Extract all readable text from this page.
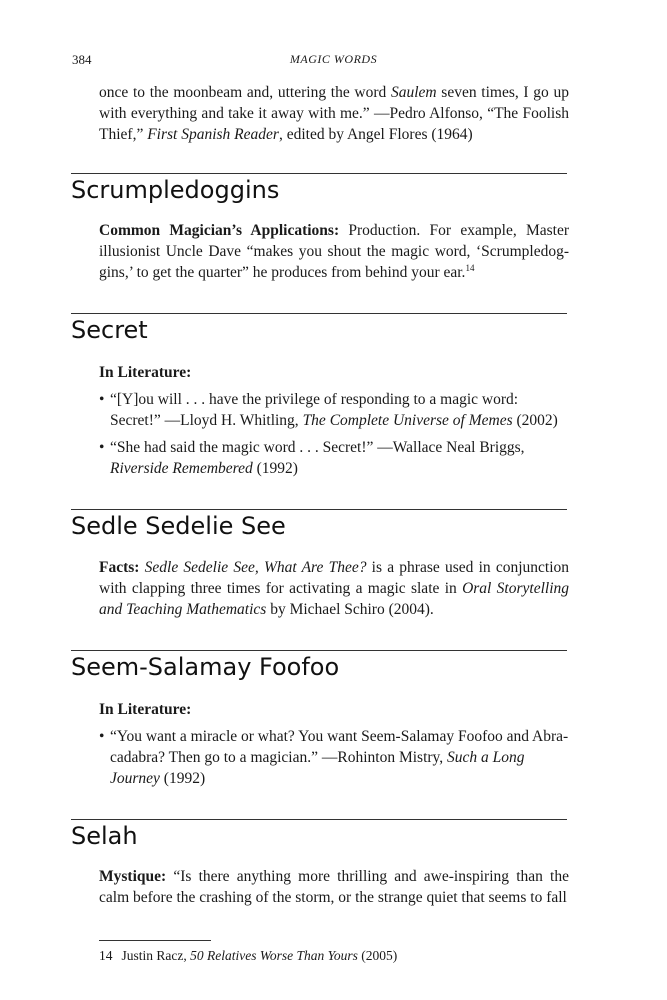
384	MAGIC WORDS
once to the moonbeam and, uttering the word Saulem seven times, I go up with everything and take it away with me.” —Pedro Alfonso, “The Foolish Thief,” First Spanish Reader, edited by Angel Flores (1964)
Scrumpledoggins
Common Magician’s Applications: Production. For example, Master illusionist Uncle Dave “makes you shout the magic word, ‘Scrumpledog-gins,’ to get the quarter” he produces from behind your ear.$^{14}$
Secret
In Literature:
• “[Y]ou will . . . have the privilege of responding to a magic word: Secret!” —Lloyd H. Whitling, The Complete Universe of Memes (2002)
• “She had said the magic word . . . Secret!” —Wallace Neal Briggs, Riverside Remembered (1992)
Sedle Sedelie See
Facts: Sedle Sedelie See, What Are Thee? is a phrase used in conjunction with clapping three times for activating a magic slate in Oral Storytelling and Teaching Mathematics by Michael Schiro (2004).
Seem-Salamay Foofoo
In Literature:
• “You want a miracle or what? You want Seem-Salamay Foofoo and Abra-cadabra? Then go to a magician.” —Rohinton Mistry, Such a Long Journey (1992)
Selah
Mystique: “Is there anything more thrilling and awe-inspiring than the calm before the crashing of the storm, or the strange quiet that seems to fall
14 Justin Racz, 50 Relatives Worse Than Yours (2005)
